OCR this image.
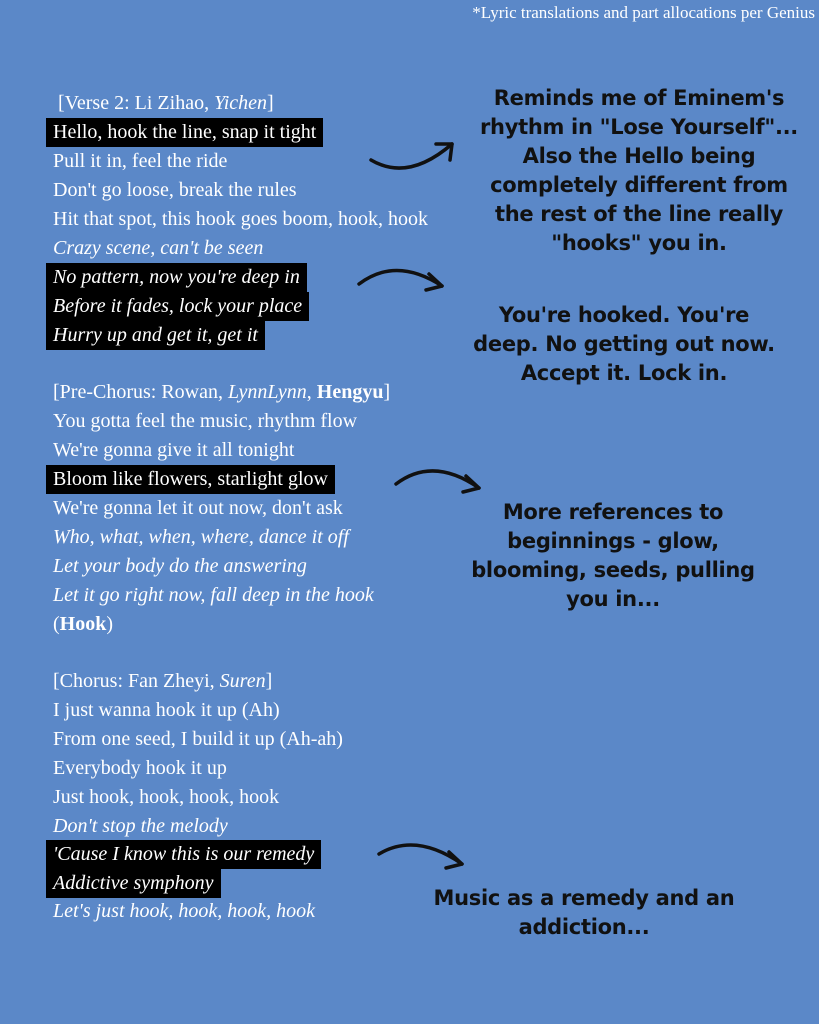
*Lyric translations and part allocations per Genius
[Verse 2: Li Zihao, Yichen]
Hello, hook the line, snap it tight
Pull it in, feel the ride
Don't go loose, break the rules
Hit that spot, this hook goes boom, hook, hook
Crazy scene, can't be seen
No pattern, now you're deep in
Before it fades, lock your place
Hurry up and get it, get it
[Pre-Chorus: Rowan, LynnLynn, Hengyu]
You gotta feel the music, rhythm flow
We're gonna give it all tonight
Bloom like flowers, starlight glow
We're gonna let it out now, don't ask
Who, what, when, where, dance it off
Let your body do the answering
Let it go right now, fall deep in the hook
(Hook)
[Chorus: Fan Zheyi, Suren]
I just wanna hook it up (Ah)
From one seed, I build it up (Ah-ah)
Everybody hook it up
Just hook, hook, hook, hook
Don't stop the melody
'Cause I know this is our remedy
Addictive symphony
Let's just hook, hook, hook, hook
Reminds me of Eminem's
rhythm in "Lose Yourself"...
Also the Hello being
completely different from
the rest of the line really
"hooks" you in.
You're hooked. You're
deep. No getting out now.
Accept it. Lock in.
More references to
beginnings - glow,
blooming, seeds, pulling
you in...
Music as a remedy and an
addiction...
